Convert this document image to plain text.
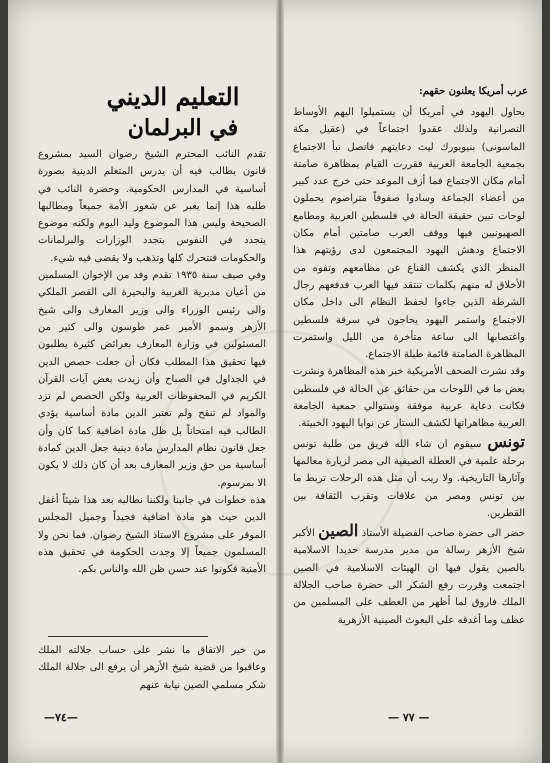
التعليم الديني
في البرلمان

تقدم النائب المحترم الشيخ رضوان السيد بمشروع قانون يطالب فيه أن يدرس المتعلم الدينية بصورة أساسية في المدارس الحكومية. وحضرة النائب في طلبه هذا إنما يعبر عن شعور الأمة جميعاً ومطالبها الصحيحة وليس هذا الموضوع وليد اليوم ولكنه موضوع يتجدد في النفوس بتجدد الوزارات والبرلمانات والحكومات فتتحرك كلها وتذهب ولا يقضى فيه شيء.

وفي صيف سنة ١٩٣٥ تقدم وفد من الإخوان المسلمين من أعيان مديرية الغربية والبحيرة الى القصر الملكي والى رئيس الوزراء والى وزير المعارف والى شيخ الأزهر وسمو الأمير عمر طوسون والى كثير من المسئولين في وزارة المعارف بعرائض كثيرة يطلبون فيها تحقيق هذا المطلب فكان أن جعلت حصص الدين في الجداول في الصباح وأن زيدت بعض آيات القرآن الكريم في المحفوظات العربية ولكن الحصص لم تزد والمواد لم تنقح ولم تعتبر الدين مادة أساسية يؤدي الطالب فيه امتحاناً بل ظل مادة اضافية كما كان وأن جعل قانون نظام المدارس مادة دينية جعل الدين كمادة أساسية من حق وزير المعارف بعد أن كان ذلك لا يكون الا بمرسوم.

هذه خطوات في جانبنا ولكننا نطالبه بعد هذا شيئاً أغفل الدين حيث هو مادة اضافية فجيداً وجميل المجلس الموقر على مشروع الاستاذ الشيخ رضوان. فما نحن ولا المسلمون جميعاً إلا وجدت الحكومة في تحقيق هذه الأمنية فكونوا عند حسن ظن الله والناس بكم.

من خير الاتفاق ما نشر على حساب جلالته الملك وعاقبوا من قضية شيخ الأزهر أن يرفع الى جلالة الملك شكر مسلمي الصين نيابة عنهم

—٧٤—
عرب أمريكا يعلنون حقهم:

يحاول اليهود في أمريكا أن يستميلوا اليهم الأوساط النصرانية ولذلك عقدوا اجتماعاً في (عقيل مكة الماسونى) بنيويورك ليث دعايتهم فاتصل نبأ الاجتماع بجمعية الجامعة العربية فقررت القيام بمظاهرة صامتة أمام مكان الاجتماع فما أزف الموعد حتى خرج عدد كبير من أعضاء الجماعة وسادوا صفوفاً متراصوم يحملون لوحات تبين حقيقة الحالة في فلسطين العربية ومطامع الصهيونيين فيها ووقف العرب صامتين أمام مكان الاجتماع ودهش اليهود المجتمعون لدى رؤيتهم هذا المنظر الذي يكشف القناع عن مطامعهم وتفوه من الأخلاق له منهم بكلمات تنتقد فيها العرب فدفعهم رجال الشرطة الذين جاءوا لحفظ النظام الى داخل مكان الاجتماع واستمر اليهود يحاجون في سرقة فلسطين واغتصابها الى ساعة متأخرة من الليل واستمرت المظاهرة الصامتة قائمة طيلة الاجتماع.

وقد نشرت الصحف الأمريكية خبر هذه المظاهرة ونشرت بعض ما في اللوحات من حقائق عن الحالة في فلسطين فكانت دعاية عربية موفقة وستوالي جمعية الجامعة العربية مظاهراتها لكشف الستار عن نوايا اليهود الخبيثة.

تونس سيقوم ان شاء الله فريق من طلبة تونس برحلة علمية في العطلة الصيفية الى مصر لزيارة معالمها وآثارها التاريخية. ولا ريب أن مثل هذه الرحلات تربط ما بين تونس ومصر من علاقات وتقرب الثقافة بين القطرين.

حضر الى حضرة صاحب الفضيلة الأستاذ الصين الأكبر شيخ الأزهر رسالة من مدير مدرسة حديدا الاسلامية بالصين يقول فيها ان الهيئات الاسلامية في الصين اجتمعت وقررت رفع الشكر الى حضرة صاحب الجلالة الملك فاروق لما أظهر من العطف على المسلمين من عطف وما أغدقه على البعوث الصينية الأزهرية

— ٧٧ —
